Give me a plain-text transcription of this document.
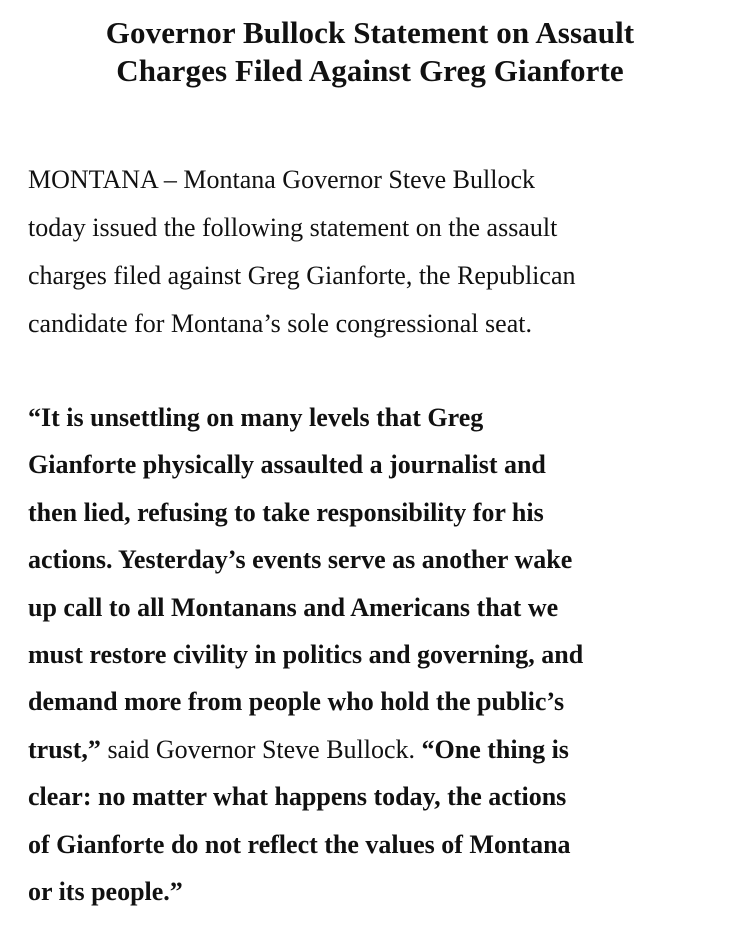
Governor Bullock Statement on Assault
Charges Filed Against Greg Gianforte
MONTANA – Montana Governor Steve Bullock
today issued the following statement on the assault
charges filed against Greg Gianforte, the Republican
candidate for Montana’s sole congressional seat.
“It is unsettling on many levels that Greg
Gianforte physically assaulted a journalist and
then lied, refusing to take responsibility for his
actions. Yesterday’s events serve as another wake
up call to all Montanans and Americans that we
must restore civility in politics and governing, and
demand more from people who hold the public’s
trust,” said Governor Steve Bullock. “One thing is
clear: no matter what happens today, the actions
of Gianforte do not reflect the values of Montana
or its people.”
